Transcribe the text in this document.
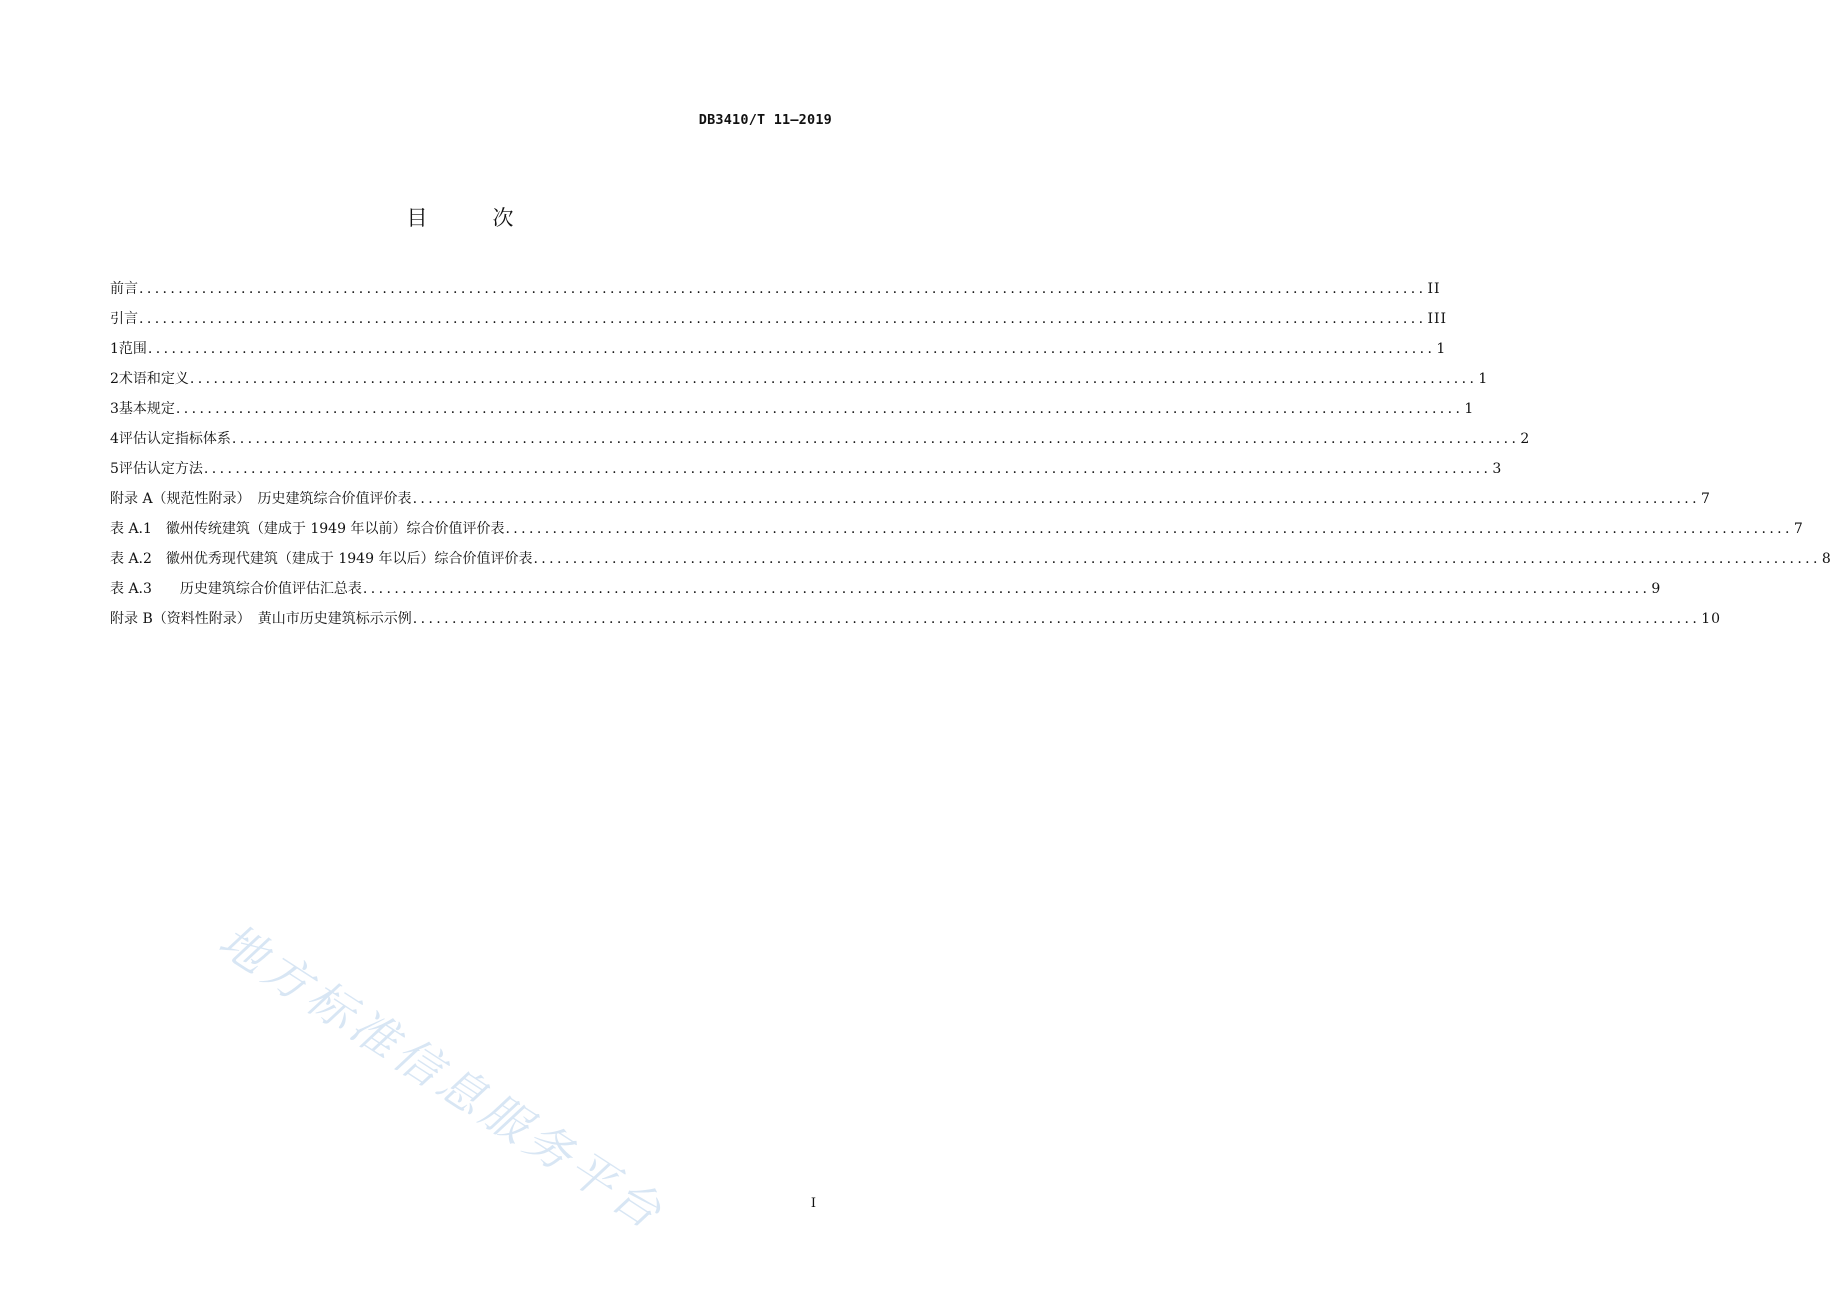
DB3410/T 11—2019
目　次
前言 .................................................................................................................................................................... II
引言 .................................................................................................................................................................... III
1 范围 .................................................................................................................................................................... 1
2 术语和定义 .................................................................................................................................................................... 1
3 基本规定 .................................................................................................................................................................... 1
4 评估认定指标体系 .................................................................................................................................................................... 2
5 评估认定方法 .................................................................................................................................................................... 3
附录 A（规范性附录）　历史建筑综合价值评价表 .................................................................................................................................................................... 7
表 A.1　徽州传统建筑（建成于 1949 年以前）综合价值评价表 .................................................................................................................................................................... 7
表 A.2　徽州优秀现代建筑（建成于 1949 年以后）综合价值评价表 .................................................................................................................................................................... 8
表 A.3　　历史建筑综合价值评估汇总表 .................................................................................................................................................................... 9
附录 B（资料性附录）　黄山市历史建筑标示示例 .................................................................................................................................................................... 10
地方标准信息服务平台	I
